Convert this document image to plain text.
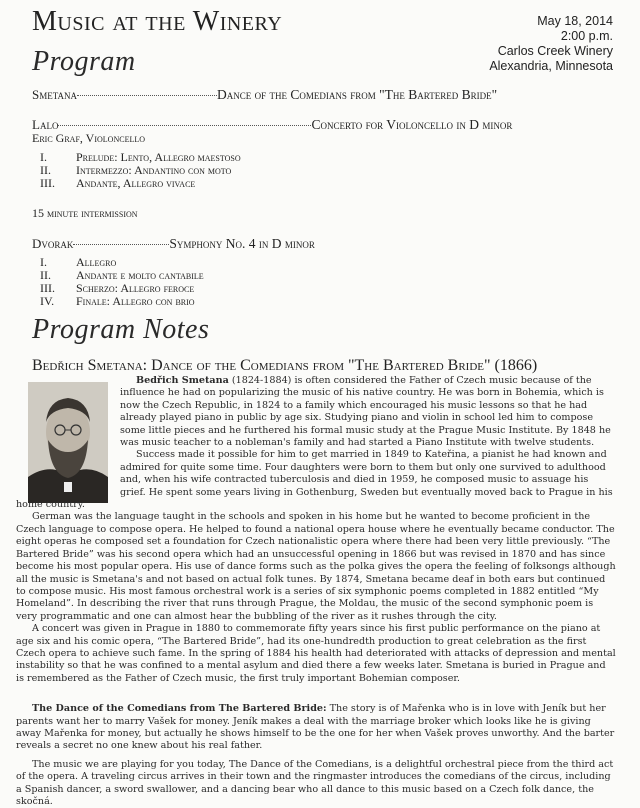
Music at the Winery	May 18, 2014
2:00 p.m.
Carlos Creek Winery
Alexandria, Minnesota
Program
Smetana	Dance of the Comedians from "The Bartered Bride"
Lalo	Concerto for Violoncello in D minor
Eric Graf, Violoncello
I.	Prelude: Lento, Allegro maestoso
II.	Intermezzo: Andantino con moto
III.	Andante, Allegro vivace
15 minute intermission
Dvorak	Symphony No. 4 in D minor
I.	Allegro
II.	Andante e molto cantabile
III.	Scherzo: Allegro feroce
IV.	Finale: Allegro con brio
Program Notes
Bedřich Smetana: Dance of the Comedians from "The Bartered Bride" (1866)

Bedřich Smetana (1824-1884) is often considered the Father of Czech music because of the influence he had on popularizing the music of his native country. He was born in Bohemia, which is now the Czech Republic, in 1824 to a family which encouraged his music lessons so that he had already played piano in public by age six. Studying piano and violin in school led him to compose some little pieces and he furthered his formal music study at the Prague Music Institute. By 1848 he was music teacher to a nobleman's family and had started a Piano Institute with twelve students.

Success made it possible for him to get married in 1849 to Kateřina, a pianist he had known and admired for quite some time. Four daughters were born to them but only one survived to adulthood and, when his wife contracted tuberculosis and died in 1959, he composed music to assuage his grief. He spent some years living in Gothenburg, Sweden but eventually moved back to Prague in his home country.

German was the language taught in the schools and spoken in his home but he wanted to become proficient in the Czech language to compose opera. He helped to found a national opera house where he eventually became conductor. The eight operas he composed set a foundation for Czech nationalistic opera where there had been very little previously. “The Bartered Bride” was his second opera which had an unsuccessful opening in 1866 but was revised in 1870 and has since become his most popular opera. His use of dance forms such as the polka gives the opera the feeling of folksongs although all the music is Smetana's and not based on actual folk tunes. By 1874, Smetana became deaf in both ears but continued to compose music. His most famous orchestral work is a series of six symphonic poems completed in 1882 entitled “My Homeland”. In describing the river that runs through Prague, the Moldau, the music of the second symphonic poem is very programmatic and one can almost hear the bubbling of the river as it rushes through the city.

A concert was given in Prague in 1880 to commemorate fifty years since his first public performance on the piano at age six and his comic opera, “The Bartered Bride”, had its one-hundredth production to great celebration as the first Czech opera to achieve such fame. In the spring of 1884 his health had deteriorated with attacks of depression and mental instability so that he was confined to a mental asylum and died there a few weeks later. Smetana is buried in Prague and is remembered as the Father of Czech music, the first truly important Bohemian composer.

The Dance of the Comedians from The Bartered Bride: The story is of Mařenka who is in love with Jeník but her parents want her to marry Vašek for money. Jeník makes a deal with the marriage broker which looks like he is giving away Mařenka for money, but actually he shows himself to be the one for her when Vašek proves unworthy. And the barter reveals a secret no one knew about his real father.

The music we are playing for you today, The Dance of the Comedians, is a delightful orchestral piece from the third act of the opera. A traveling circus arrives in their town and the ringmaster introduces the comedians of the circus, including a Spanish dancer, a sword swallower, and a dancing bear who all dance to this music based on a Czech folk dance, the skočná.
